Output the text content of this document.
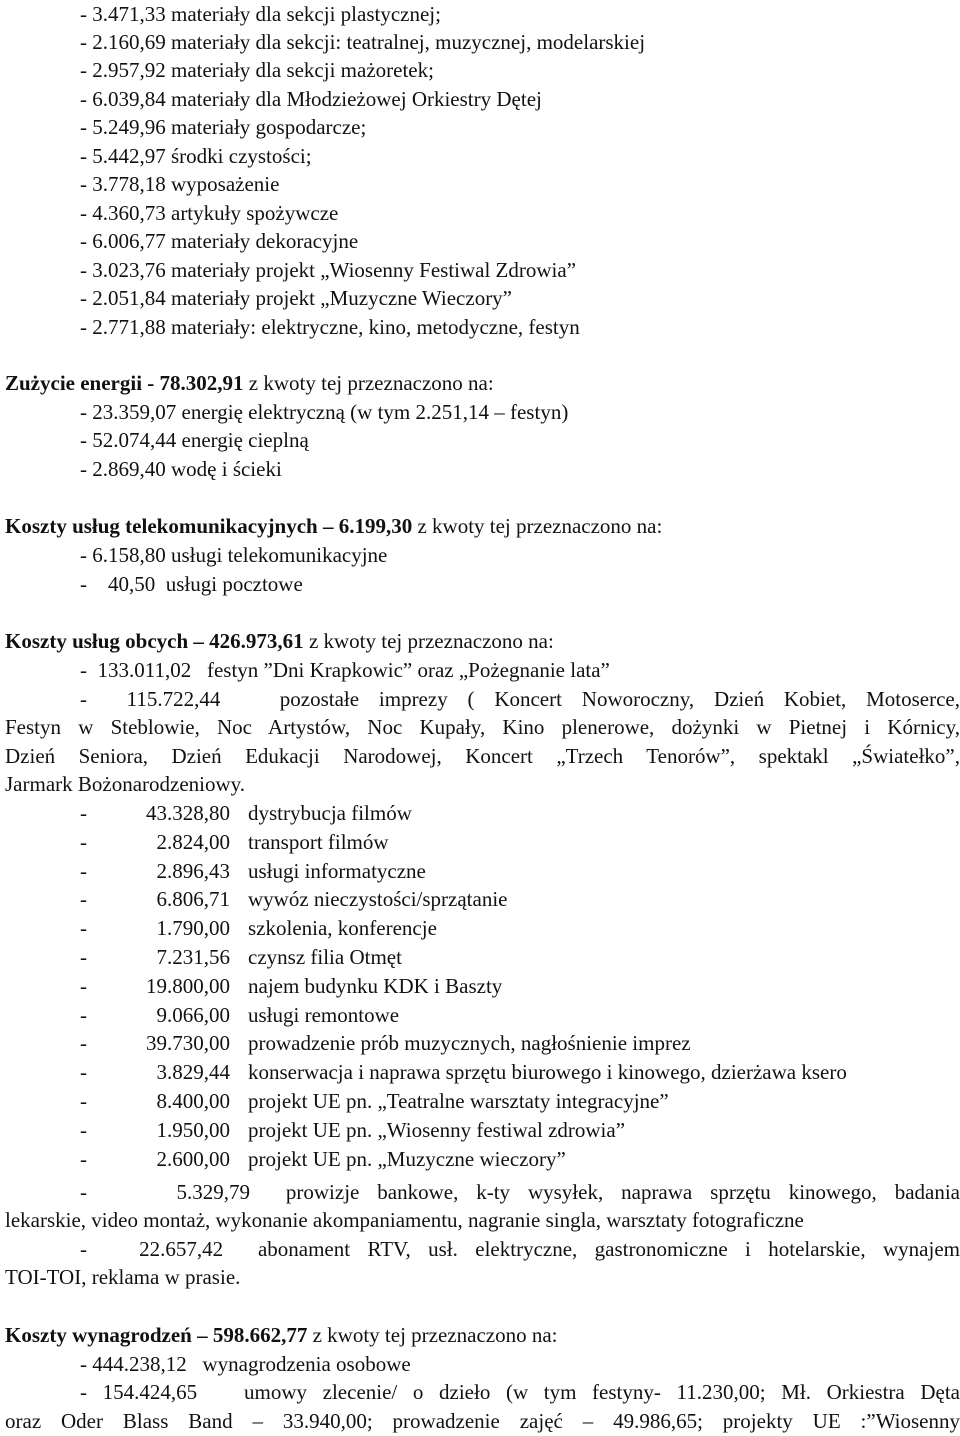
- 3.471,33 materiały dla sekcji plastycznej;
- 2.160,69 materiały dla sekcji: teatralnej, muzycznej, modelarskiej
- 2.957,92 materiały dla sekcji mażoretek;
- 6.039,84 materiały dla Młodzieżowej Orkiestry Dętej
- 5.249,96 materiały gospodarcze;
- 5.442,97 środki czystości;
- 3.778,18 wyposażenie
- 4.360,73 artykuły spożywcze
- 6.006,77 materiały dekoracyjne
- 3.023,76 materiały projekt „Wiosenny Festiwal Zdrowia”
- 2.051,84 materiały projekt „Muzyczne Wieczory”
- 2.771,88 materiały: elektryczne, kino, metodyczne, festyn
Zużycie energii - 78.302,91 z kwoty tej przeznaczono na:
- 23.359,07 energię elektryczną (w tym 2.251,14 – festyn)
- 52.074,44 energię cieplną
- 2.869,40 wodę i ścieki
Koszty usług telekomunikacyjnych – 6.199,30 z kwoty tej przeznaczono na:
- 6.158,80 usługi telekomunikacyjne
-    40,50  usługi pocztowe
Koszty usług obcych – 426.973,61 z kwoty tej przeznaczono na:
-  133.011,02   festyn ”Dni Krapkowic” oraz „Pożegnanie lata”
-  115.722,44   pozostałe imprezy ( Koncert Noworoczny, Dzień Kobiet, Motoserce,
Festyn w Steblowie, Noc Artystów, Noc Kupały, Kino plenerowe, dożynki w Pietnej i Kórnicy,
Dzień Seniora, Dzień Edukacji Narodowej, Koncert „Trzech Tenorów”, spektakl „Światełko”,
Jarmark Bożonarodzeniowy.
-	43.328,80 dystrybucja filmów
-	2.824,00 transport filmów
-	2.896,43 usługi informatyczne
-	6.806,71 wywóz nieczystości/sprzątanie
-	1.790,00 szkolenia, konferencje
-	7.231,56 czynsz filia Otmęt
-	19.800,00 najem budynku KDK i Baszty
-	9.066,00 usługi remontowe
-	39.730,00 prowadzenie prób muzycznych, nagłośnienie imprez
-	3.829,44 konserwacja i naprawa sprzętu biurowego i kinowego, dzierżawa ksero
-	8.400,00 projekt UE pn. „Teatralne warsztaty integracyjne”
-	1.950,00 projekt UE pn. „Wiosenny festiwal zdrowia”
-	2.600,00 projekt UE pn. „Muzyczne wieczory”
-     5.329,79  prowizje bankowe, k-ty wysyłek, naprawa sprzętu kinowego, badania
lekarskie, video montaż, wykonanie akompaniamentu, nagranie singla, warsztaty fotograficzne
-   22.657,42  abonament RTV, usł. elektryczne, gastronomiczne i hotelarskie, wynajem
TOI-TOI, reklama w prasie.
Koszty wynagrodzeń – 598.662,77 z kwoty tej przeznaczono na:
- 444.238,12   wynagrodzenia osobowe
- 154.424,65   umowy zlecenie/ o dzieło (w tym festyny- 11.230,00; Mł. Orkiestra Dęta
oraz Oder Blass Band – 33.940,00; prowadzenie zajęć – 49.986,65; projekty UE :”Wiosenny
